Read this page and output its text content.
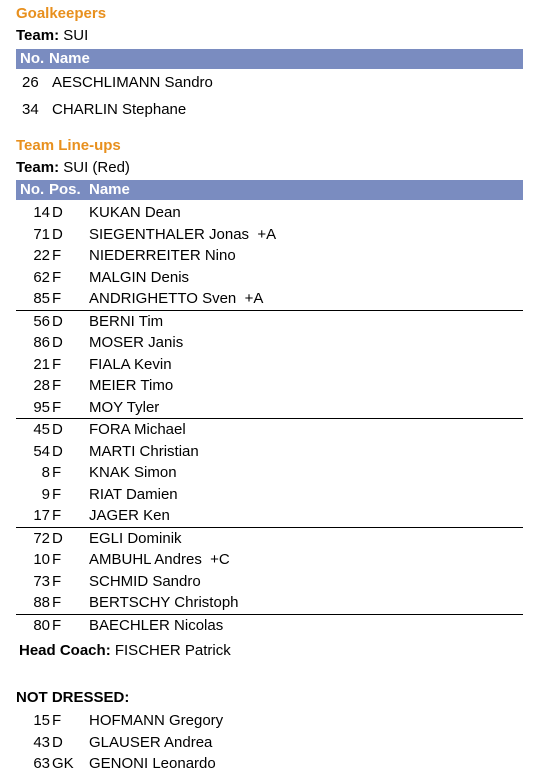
Goalkeepers
Team: SUI
No. Name
26 AESCHLIMANN Sandro
34 CHARLIN Stephane
Team Line-ups
Team: SUI (Red)
No. Pos. Name
14 D KUKAN Dean
71 D SIEGENTHALER Jonas  +A
22 F NIEDERREITER Nino
62 F MALGIN Denis
85 F ANDRIGHETTO Sven  +A
56 D BERNI Tim
86 D MOSER Janis
21 F FIALA Kevin
28 F MEIER Timo
95 F MOY Tyler
45 D FORA Michael
54 D MARTI Christian
8 F KNAK Simon
9 F RIAT Damien
17 F JAGER Ken
72 D EGLI Dominik
10 F AMBUHL Andres  +C
73 F SCHMID Sandro
88 F BERTSCHY Christoph
80 F BAECHLER Nicolas
Head Coach: FISCHER Patrick
NOT DRESSED:
15 F HOFMANN Gregory
43 D GLAUSER Andrea
63 GK GENONI Leonardo
